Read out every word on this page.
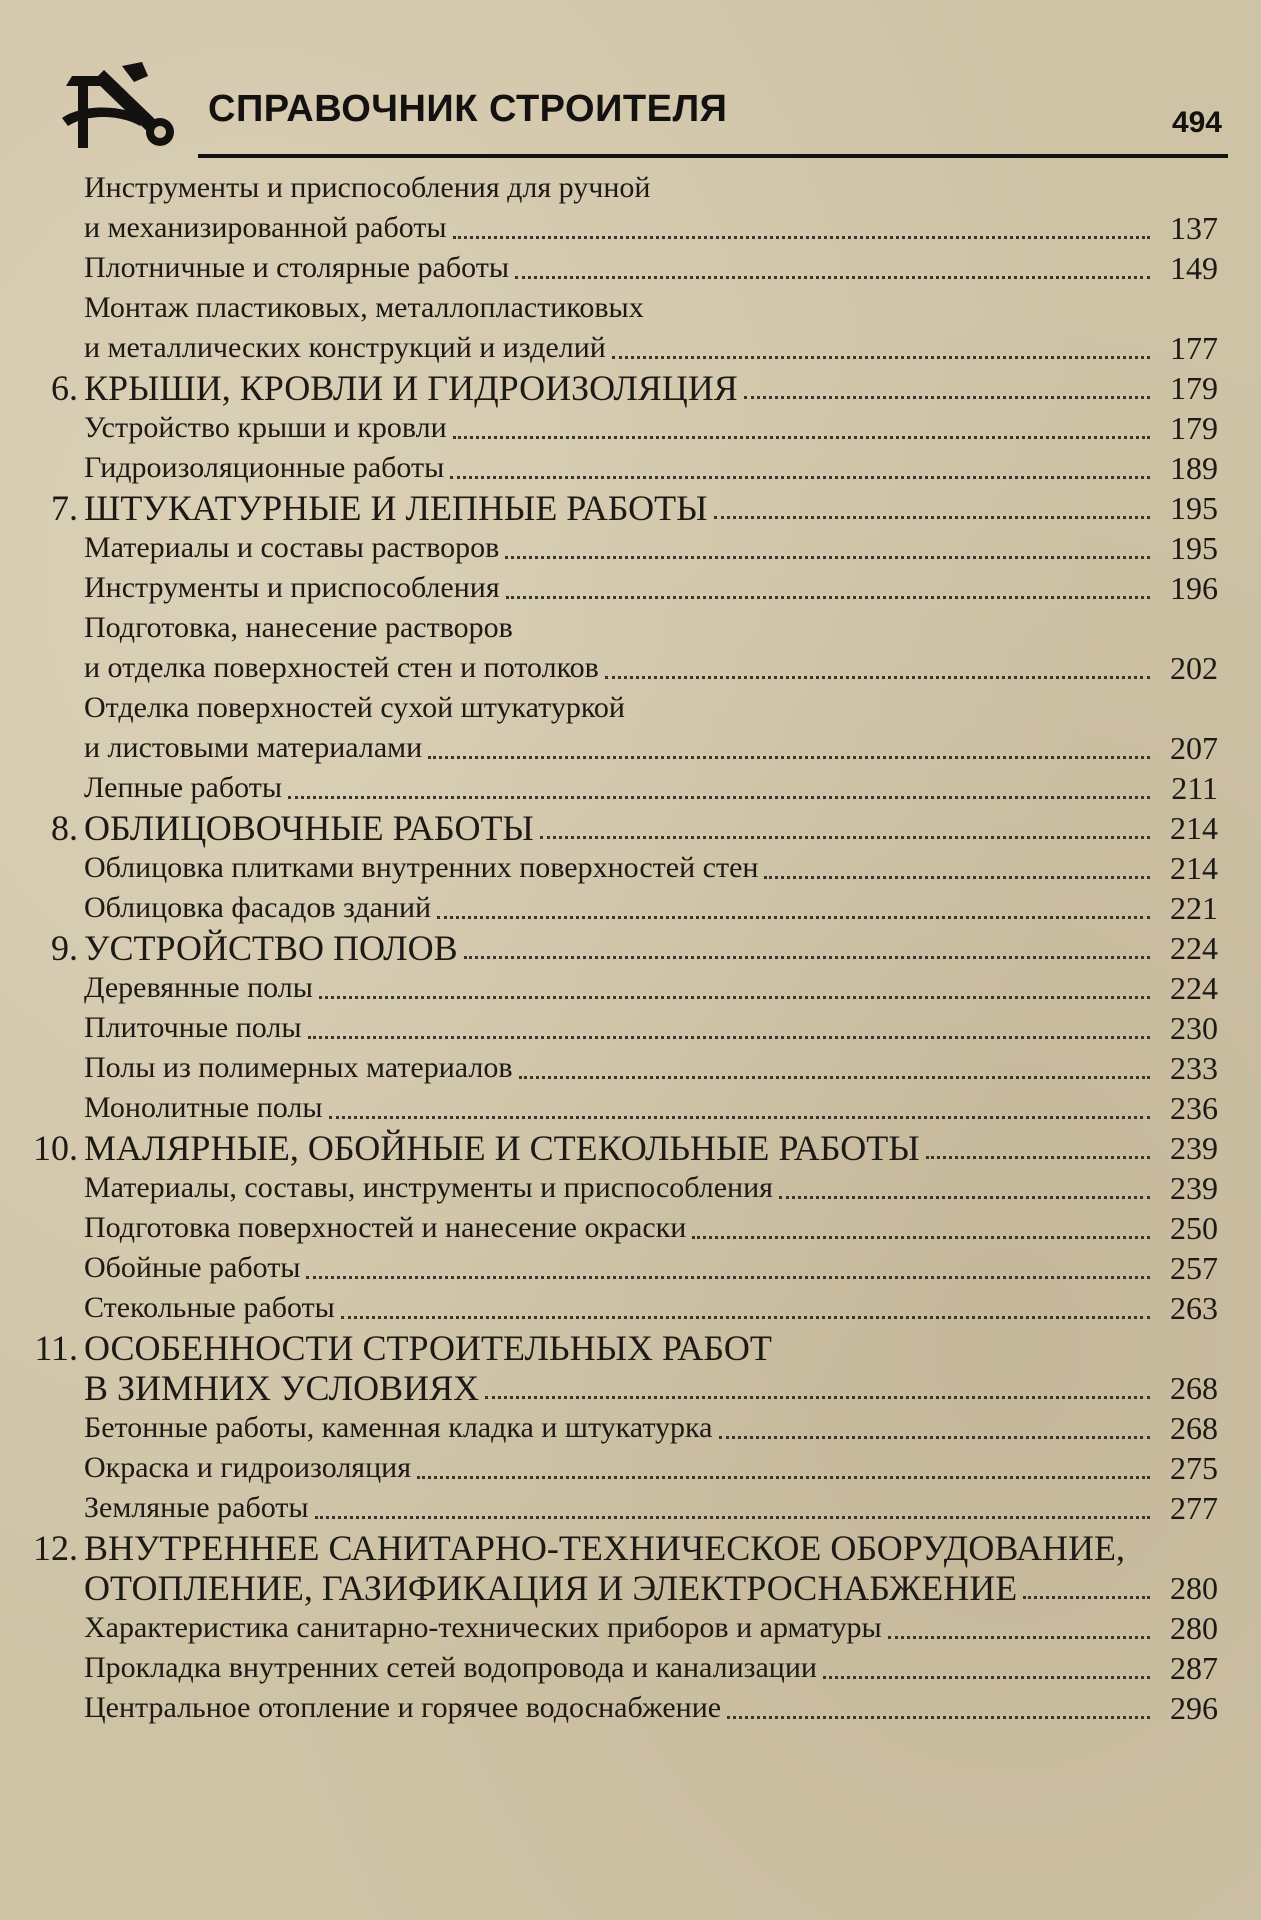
СПРАВОЧНИК СТРОИТЕЛЯ	494
Инструменты и приспособления для ручной
и механизированной работы	137
Плотничные и столярные работы	149
Монтаж пластиковых, металлопластиковых
и металлических конструкций и изделий	177
6. КРЫШИ, КРОВЛИ И ГИДРОИЗОЛЯЦИЯ	179
Устройство крыши и кровли	179
Гидроизоляционные работы	189
7. ШТУКАТУРНЫЕ И ЛЕПНЫЕ РАБОТЫ	195
Материалы и составы растворов	195
Инструменты и приспособления	196
Подготовка, нанесение растворов
и отделка поверхностей стен и потолков	202
Отделка поверхностей сухой штукатуркой
и листовыми материалами	207
Лепные работы	211
8. ОБЛИЦОВОЧНЫЕ РАБОТЫ	214
Облицовка плитками внутренних поверхностей стен	214
Облицовка фасадов зданий	221
9. УСТРОЙСТВО ПОЛОВ	224
Деревянные полы	224
Плиточные полы	230
Полы из полимерных материалов	233
Монолитные полы	236
10. МАЛЯРНЫЕ, ОБОЙНЫЕ И СТЕКОЛЬНЫЕ РАБОТЫ	239
Материалы, составы, инструменты и приспособления	239
Подготовка поверхностей и нанесение окраски	250
Обойные работы	257
Стекольные работы	263
11. ОСОБЕННОСТИ СТРОИТЕЛЬНЫХ РАБОТ
В ЗИМНИХ УСЛОВИЯХ	268
Бетонные работы, каменная кладка и штукатурка	268
Окраска и гидроизоляция	275
Земляные работы	277
12. ВНУТРЕННЕЕ САНИТАРНО-ТЕХНИЧЕСКОЕ ОБОРУДОВАНИЕ,
ОТОПЛЕНИЕ, ГАЗИФИКАЦИЯ И ЭЛЕКТРОСНАБЖЕНИЕ	280
Характеристика санитарно-технических приборов и арматуры	280
Прокладка внутренних сетей водопровода и канализации	287
Центральное отопление и горячее водоснабжение	296
